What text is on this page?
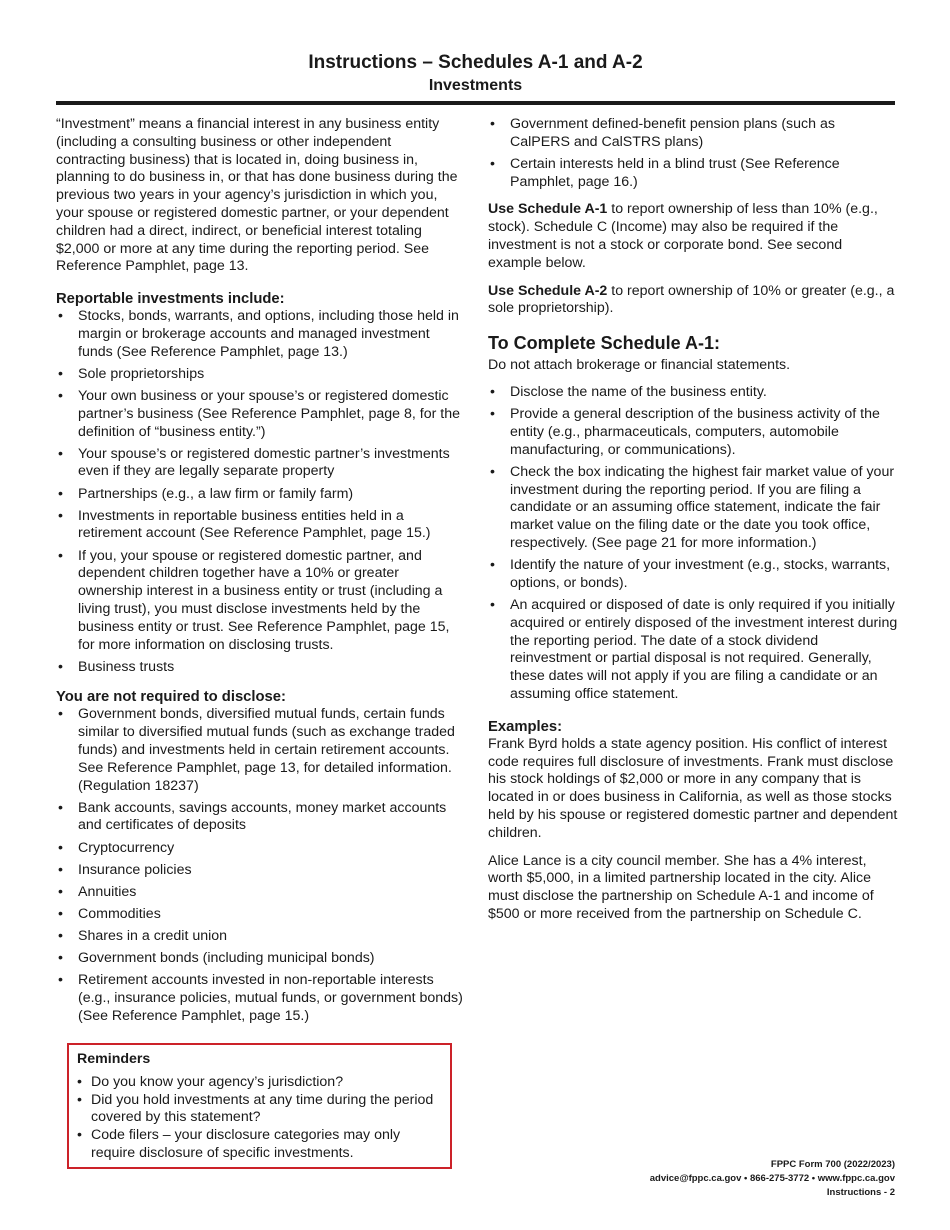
Instructions – Schedules A-1 and A-2
Investments

“Investment” means a financial interest in any business entity (including a consulting business or other independent contracting business) that is located in, doing business in, planning to do business in, or that has done business during the previous two years in your agency’s jurisdiction in which you, your spouse or registered domestic partner, or your dependent children had a direct, indirect, or beneficial interest totaling $2,000 or more at any time during the reporting period. See Reference Pamphlet, page 13.

Reportable investments include:
• Stocks, bonds, warrants, and options, including those held in margin or brokerage accounts and managed investment funds (See Reference Pamphlet, page 13.)
• Sole proprietorships
• Your own business or your spouse’s or registered domestic partner’s business (See Reference Pamphlet, page 8, for the definition of “business entity.”)
• Your spouse’s or registered domestic partner’s investments even if they are legally separate property
• Partnerships (e.g., a law firm or family farm)
• Investments in reportable business entities held in a retirement account (See Reference Pamphlet, page 15.)
• If you, your spouse or registered domestic partner, and dependent children together have a 10% or greater ownership interest in a business entity or trust (including a living trust), you must disclose investments held by the business entity or trust. See Reference Pamphlet, page 15, for more information on disclosing trusts.
• Business trusts
You are not required to disclose:
• Government bonds, diversified mutual funds, certain funds similar to diversified mutual funds (such as exchange traded funds) and investments held in certain retirement accounts. See Reference Pamphlet, page 13, for detailed information. (Regulation 18237)
• Bank accounts, savings accounts, money market accounts and certificates of deposits
• Cryptocurrency
• Insurance policies
• Annuities
• Commodities
• Shares in a credit union
• Government bonds (including municipal bonds)
• Retirement accounts invested in non-reportable interests (e.g., insurance policies, mutual funds, or government bonds) (See Reference Pamphlet, page 15.)
Reminders
• Do you know your agency’s jurisdiction?
• Did you hold investments at any time during the period covered by this statement?
• Code filers – your disclosure categories may only require disclosure of specific investments.
• Government defined-benefit pension plans (such as CalPERS and CalSTRS plans)
• Certain interests held in a blind trust (See Reference Pamphlet, page 16.)

Use Schedule A-1 to report ownership of less than 10% (e.g., stock). Schedule C (Income) may also be required if the investment is not a stock or corporate bond. See second example below.

Use Schedule A-2 to report ownership of 10% or greater (e.g., a sole proprietorship).

To Complete Schedule A-1:

Do not attach brokerage or financial statements.

• Disclose the name of the business entity.
• Provide a general description of the business activity of the entity (e.g., pharmaceuticals, computers, automobile manufacturing, or communications).
• Check the box indicating the highest fair market value of your investment during the reporting period. If you are filing a candidate or an assuming office statement, indicate the fair market value on the filing date or the date you took office, respectively. (See page 21 for more information.)
• Identify the nature of your investment (e.g., stocks, warrants, options, or bonds).
• An acquired or disposed of date is only required if you initially acquired or entirely disposed of the investment interest during the reporting period. The date of a stock dividend reinvestment or partial disposal is not required. Generally, these dates will not apply if you are filing a candidate or an assuming office statement.
Examples:

Frank Byrd holds a state agency position. His conflict of interest code requires full disclosure of investments. Frank must disclose his stock holdings of $2,000 or more in any company that is located in or does business in California, as well as those stocks held by his spouse or registered domestic partner and dependent children.

Alice Lance is a city council member. She has a 4% interest, worth $5,000, in a limited partnership located in the city. Alice must disclose the partnership on Schedule A-1 and income of $500 or more received from the partnership on Schedule C.

FPPC Form 700 (2022/2023)
advice@fppc.ca.gov • 866-275-3772 • www.fppc.ca.gov
Instructions - 2
